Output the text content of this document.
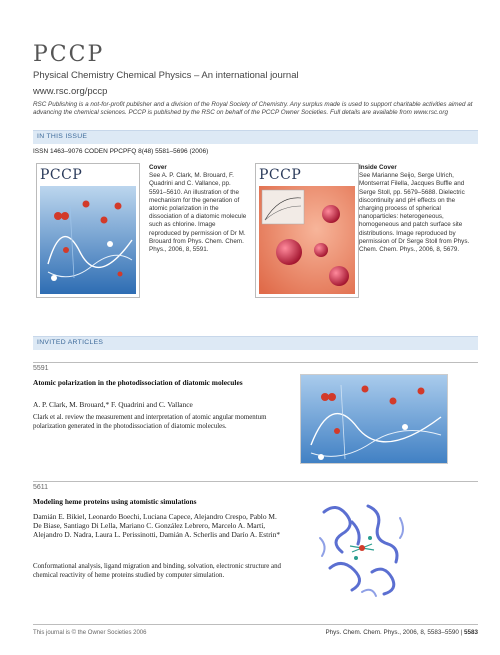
PCCP
Physical Chemistry Chemical Physics – An international journal
www.rsc.org/pccp
RSC Publishing is a not-for-profit publisher and a division of the Royal Society of Chemistry. Any surplus made is used to support charitable activities aimed at advancing the chemical sciences. PCCP is published by the RSC on behalf of the PCCP Owner Societies. Full details are available from www.rsc.org
IN THIS ISSUE
ISSN 1463–9076 CODEN PPCPFQ 8(48) 5581–5696 (2006)
PCCP	Cover
See A. P. Clark, M. Brouard, F. Quadrini and C. Vallance, pp. 5591–5610. An illustration of the mechanism for the generation of atomic polarization in the dissociation of a diatomic molecule such as chlorine. Image reproduced by permission of Dr M. Brouard from Phys. Chem. Chem. Phys., 2006, 8, 5591.
PCCP	Inside Cover
See Marianne Seijo, Serge Ulrich, Montserrat Filella, Jacques Buffle and Serge Stoll, pp. 5679–5688. Dielectric discontinuity and pH effects on the charging process of spherical nanoparticles: heterogeneous, homogeneous and patch surface site distributions. Image reproduced by permission of Dr Serge Stoll from Phys. Chem. Chem. Phys., 2006, 8, 5679.
INVITED ARTICLES
5591
Atomic polarization in the photodissociation of diatomic molecules
A. P. Clark, M. Brouard,* F. Quadrini and C. Vallance
Clark et al. review the measurement and interpretation of atomic angular momentum polarization generated in the photodissociation of diatomic molecules.
5611
Modeling heme proteins using atomistic simulations
Damián E. Bikiel, Leonardo Boechi, Luciana Capece, Alejandro Crespo, Pablo M. De Biase, Santiago Di Lella, Mariano C. González Lebrero, Marcelo A. Martí, Alejandro D. Nadra, Laura L. Perissinotti, Damián A. Scherlis and Darío A. Estrin*
Conformational analysis, ligand migration and binding, solvation, electronic structure and chemical reactivity of heme proteins studied by computer simulation.
This journal is © the Owner Societies 2006	Phys. Chem. Chem. Phys., 2006, 8, 5583–5590 | 5583
